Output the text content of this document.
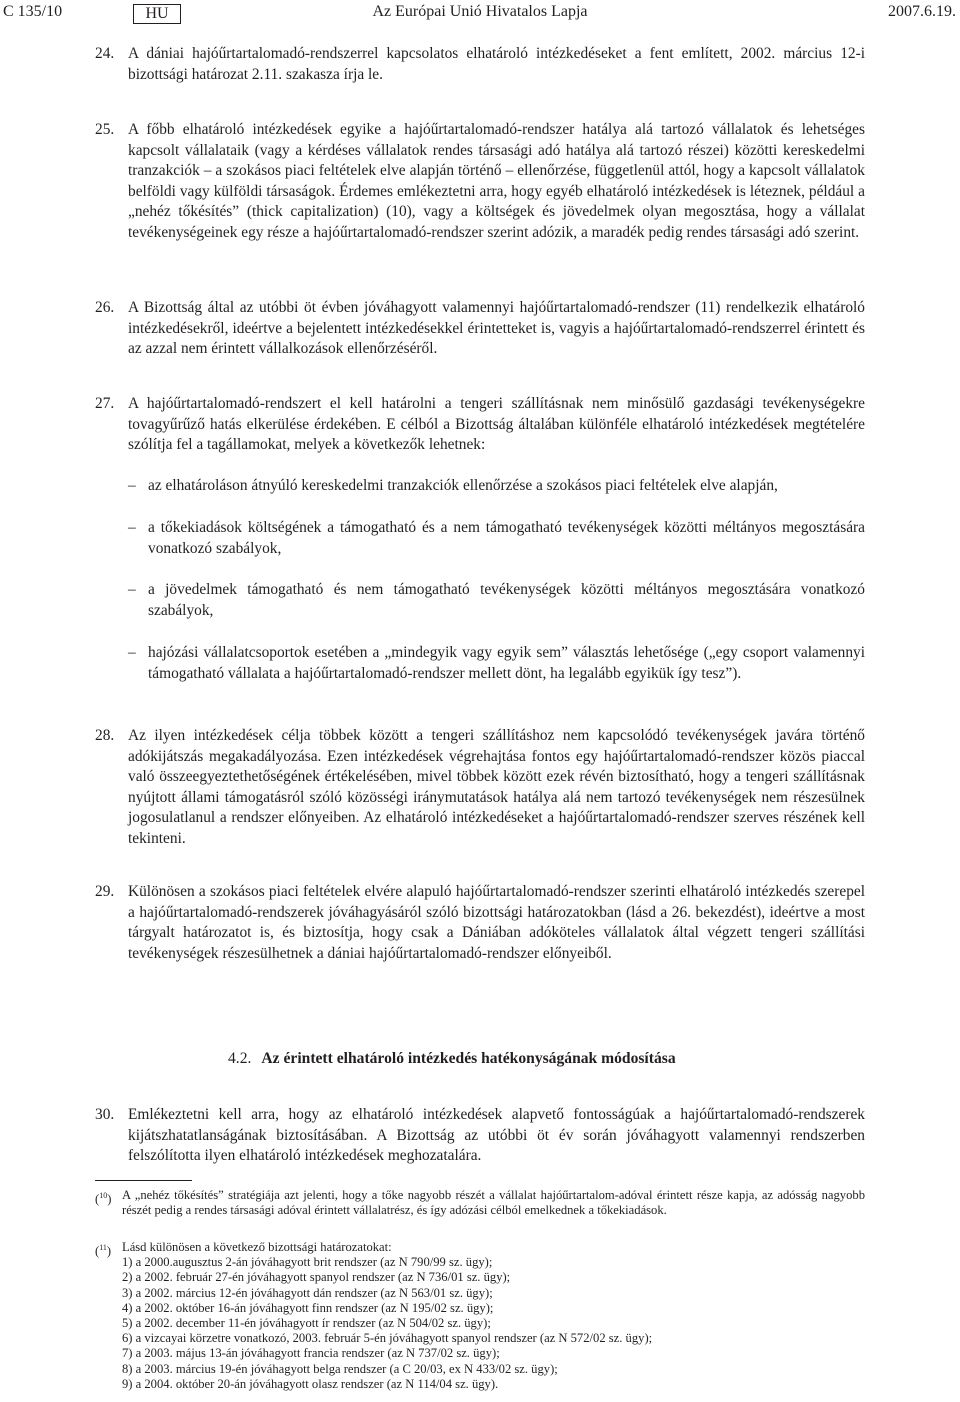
C 135/10	HU	Az Európai Unió Hivatalos Lapja	2007.6.19.
24. A dániai hajóűrtartalomadó-rendszerrel kapcsolatos elhatároló intézkedéseket a fent említett, 2002. március 12-i bizottsági határozat 2.11. szakasza írja le.
25. A főbb elhatároló intézkedések egyike a hajóűrtartalomadó-rendszer hatálya alá tartozó vállalatok és lehetséges kapcsolt vállalataik (vagy a kérdéses vállalatok rendes társasági adó hatálya alá tartozó részei) közötti kereskedelmi tranzakciók – a szokásos piaci feltételek elve alapján történő – ellenőrzése, függetlenül attól, hogy a kapcsolt vállalatok belföldi vagy külföldi társaságok. Érdemes emlékeztetni arra, hogy egyéb elhatároló intézkedések is léteznek, például a „nehéz tőkésítés” (thick capitalization) (10), vagy a költségek és jövedelmek olyan megosztása, hogy a vállalat tevékenységeinek egy része a hajóűrtartalomadó-rendszer szerint adózik, a maradék pedig rendes társasági adó szerint.
26. A Bizottság által az utóbbi öt évben jóváhagyott valamennyi hajóűrtartalomadó-rendszer (11) rendelkezik elhatároló intézkedésekről, ideértve a bejelentett intézkedésekkel érintetteket is, vagyis a hajóűrtartalomadó-rendszerrel érintett és az azzal nem érintett vállalkozások ellenőrzéséről.
27. A hajóűrtartalomadó-rendszert el kell határolni a tengeri szállításnak nem minősülő gazdasági tevékenységekre tovagyűrűző hatás elkerülése érdekében. E célból a Bizottság általában különféle elhatároló intézkedések megtételére szólítja fel a tagállamokat, melyek a következők lehetnek:
– az elhatároláson átnyúló kereskedelmi tranzakciók ellenőrzése a szokásos piaci feltételek elve alapján,
– a tőkekiadások költségének a támogatható és a nem támogatható tevékenységek közötti méltányos megosztására vonatkozó szabályok,
– a jövedelmek támogatható és nem támogatható tevékenységek közötti méltányos megosztására vonatkozó szabályok,
– hajózási vállalatcsoportok esetében a „mindegyik vagy egyik sem” választás lehetősége („egy csoport valamennyi támogatható vállalata a hajóűrtartalomadó-rendszer mellett dönt, ha legalább egyikük így tesz”).
28. Az ilyen intézkedések célja többek között a tengeri szállításhoz nem kapcsolódó tevékenységek javára történő adókijátszás megakadályozása. Ezen intézkedések végrehajtása fontos egy hajóűrtartalomadó-rendszer közös piaccal való összeegyeztethetőségének értékelésében, mivel többek között ezek révén biztosítható, hogy a tengeri szállításnak nyújtott állami támogatásról szóló közösségi iránymutatások hatálya alá nem tartozó tevékenységek nem részesülnek jogosulatlanul a rendszer előnyeiben. Az elhatároló intézkedéseket a hajóűrtartalomadó-rendszer szerves részének kell tekinteni.
29. Különösen a szokásos piaci feltételek elvére alapuló hajóűrtartalomadó-rendszer szerinti elhatároló intézkedés szerepel a hajóűrtartalomadó-rendszerek jóváhagyásáról szóló bizottsági határozatokban (lásd a 26. bekezdést), ideértve a most tárgyalt határozatot is, és biztosítja, hogy csak a Dániában adóköteles vállalatok által végzett tengeri szállítási tevékenységek részesülhetnek a dániai hajóűrtartalomadó-rendszer előnyeiből.
4.2. Az érintett elhatároló intézkedés hatékonyságának módosítása
30. Emlékeztetni kell arra, hogy az elhatároló intézkedések alapvető fontosságúak a hajóűrtartalomadó-rendszerek kijátszhatatlanságának biztosításában. A Bizottság az utóbbi öt év során jóváhagyott valamennyi rendszerben felszólította ilyen elhatároló intézkedések meghozatalára.
($^{10}$) A „nehéz tőkésítés” stratégiája azt jelenti, hogy a tőke nagyobb részét a vállalat hajóűrtartalom-adóval érintett része kapja, az adósság nagyobb részét pedig a rendes társasági adóval érintett vállalatrész, és így adózási célból emelkednek a tőkekiadások.
($^{11}$) Lásd különösen a következő bizottsági határozatokat:
1) a 2000.augusztus 2-án jóváhagyott brit rendszer (az N 790/99 sz. ügy);
2) a 2002. február 27-én jóváhagyott spanyol rendszer (az N 736/01 sz. ügy);
3) a 2002. március 12-én jóváhagyott dán rendszer (az N 563/01 sz. ügy);
4) a 2002. október 16-án jóváhagyott finn rendszer (az N 195/02 sz. ügy);
5) a 2002. december 11-én jóváhagyott ír rendszer (az N 504/02 sz. ügy);
6) a vizcayai körzetre vonatkozó, 2003. február 5-én jóváhagyott spanyol rendszer (az N 572/02 sz. ügy);
7) a 2003. május 13-án jóváhagyott francia rendszer (az N 737/02 sz. ügy);
8) a 2003. március 19-én jóváhagyott belga rendszer (a C 20/03, ex N 433/02 sz. ügy);
9) a 2004. október 20-án jóváhagyott olasz rendszer (az N 114/04 sz. ügy).
